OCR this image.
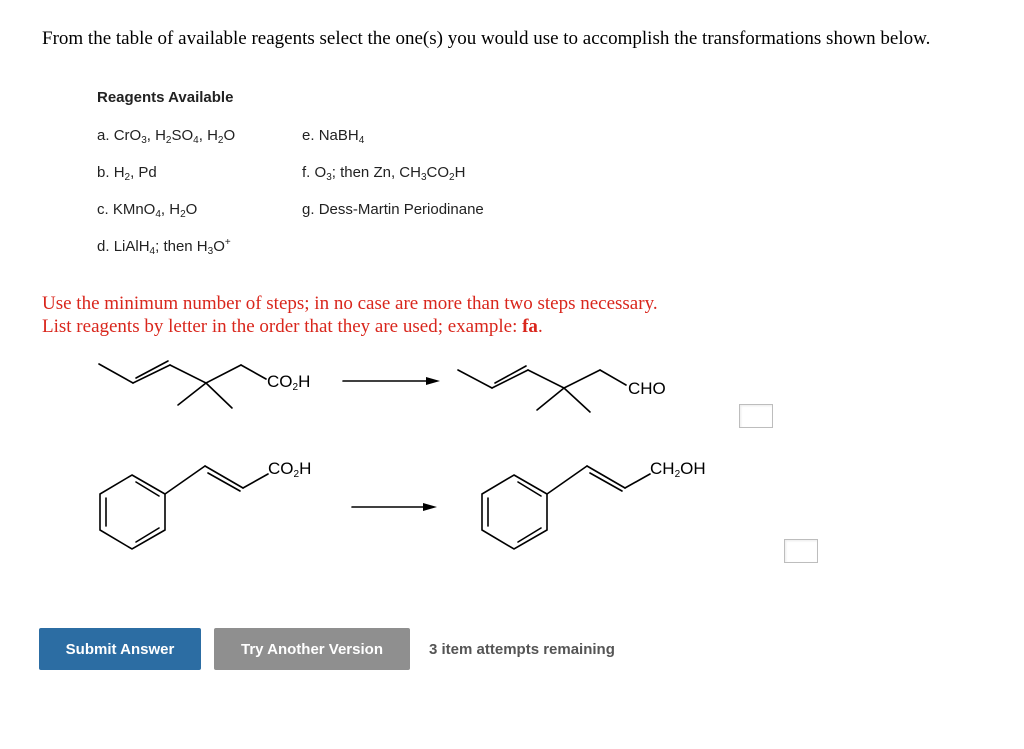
From the table of available reagents select the one(s) you would use to accomplish the transformations shown below.
Reagents Available
a. CrO$_3$, $H_2SO_4$, $H_2O$
b. $H_2$, Pd
c. KMnO$_4$, $H_2O$
d. LiAlH$_4$; then $H_3O^+$
e. NaBH$_4$
f. $O_3$; then Zn, $CH_3CO_2H$
g. Dess-Martin Periodinane
Use the minimum number of steps; in no case are more than two steps necessary.
List reagents by letter in the order that they are used; example: fa.
$CO_2H$	CHO
$CO_2H$	$CH_2OH$
Submit Answer	Try Another Version	3 item attempts remaining
